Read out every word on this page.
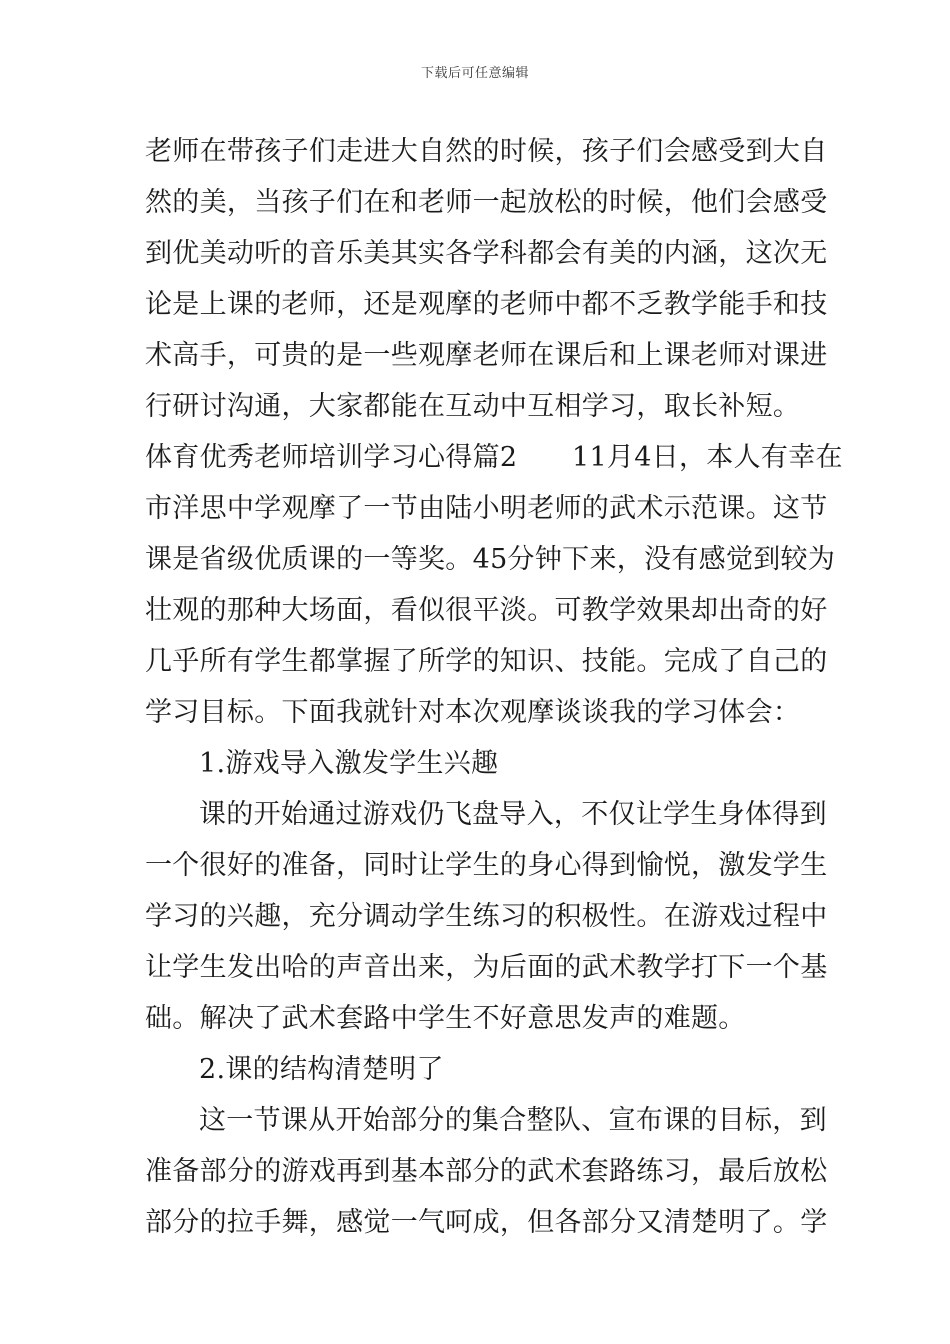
下载后可任意编辑
老师在带孩子们走进大自然的时候，孩子们会感受到大自
然的美，当孩子们在和老师一起放松的时候，他们会感受
到优美动听的音乐美其实各学科都会有美的内涵，这次无
论是上课的老师，还是观摩的老师中都不乏教学能手和技
术高手，可贵的是一些观摩老师在课后和上课老师对课进
行研讨沟通，大家都能在互动中互相学习，取长补短。
体育优秀老师培训学习心得篇2　　11月4日，本人有幸在
市洋思中学观摩了一节由陆小明老师的武术示范课。这节
课是省级优质课的一等奖。45分钟下来，没有感觉到较为
壮观的那种大场面，看似很平淡。可教学效果却出奇的好
几乎所有学生都掌握了所学的知识、技能。完成了自己的
学习目标。下面我就针对本次观摩谈谈我的学习体会：
1.游戏导入激发学生兴趣
课的开始通过游戏仍飞盘导入，不仅让学生身体得到
一个很好的准备，同时让学生的身心得到愉悦，激发学生
学习的兴趣，充分调动学生练习的积极性。在游戏过程中
让学生发出哈的声音出来，为后面的武术教学打下一个基
础。解决了武术套路中学生不好意思发声的难题。
2.课的结构清楚明了
这一节课从开始部分的集合整队、宣布课的目标，到
准备部分的游戏再到基本部分的武术套路练习，最后放松
部分的拉手舞，感觉一气呵成，但各部分又清楚明了。学
